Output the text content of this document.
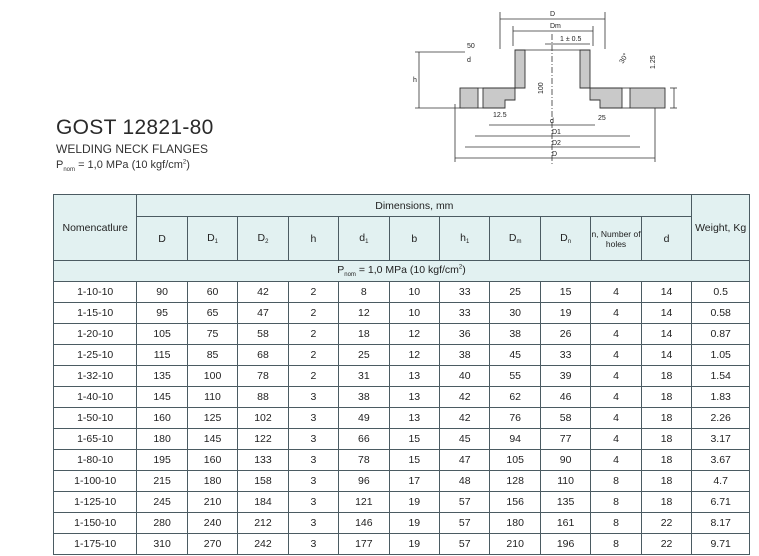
D
Dm
1 ± 0.5
50
100
30°	1.25
d
h
12.5	25
d
D1
D2
D
GOST 12821-80
WELDING NECK FLANGES
$P_{nom} = 1,0$ MPa (10 kgf/$cm^2$)
Nomencatlure	Dimensions, mm											Weight, Kg
	D	$D_1$	$D_2$	h	$d_1$	b	$h_1$	$D_m$	$D_n$	n, Number of holes	d	
$P_{nom} = 1,0$ MPa (10 kgf/$cm^2$)												
1-10-10	90	60	42	2	8	10	33	25	15	4	14	0.5
1-15-10	95	65	47	2	12	10	33	30	19	4	14	0.58
1-20-10	105	75	58	2	18	12	36	38	26	4	14	0.87
1-25-10	115	85	68	2	25	12	38	45	33	4	14	1.05
1-32-10	135	100	78	2	31	13	40	55	39	4	18	1.54
1-40-10	145	110	88	3	38	13	42	62	46	4	18	1.83
1-50-10	160	125	102	3	49	13	42	76	58	4	18	2.26
1-65-10	180	145	122	3	66	15	45	94	77	4	18	3.17
1-80-10	195	160	133	3	78	15	47	105	90	4	18	3.67
1-100-10	215	180	158	3	96	17	48	128	110	8	18	4.7
1-125-10	245	210	184	3	121	19	57	156	135	8	18	6.71
1-150-10	280	240	212	3	146	19	57	180	161	8	22	8.17
1-175-10	310	270	242	3	177	19	57	210	196	8	22	9.71
